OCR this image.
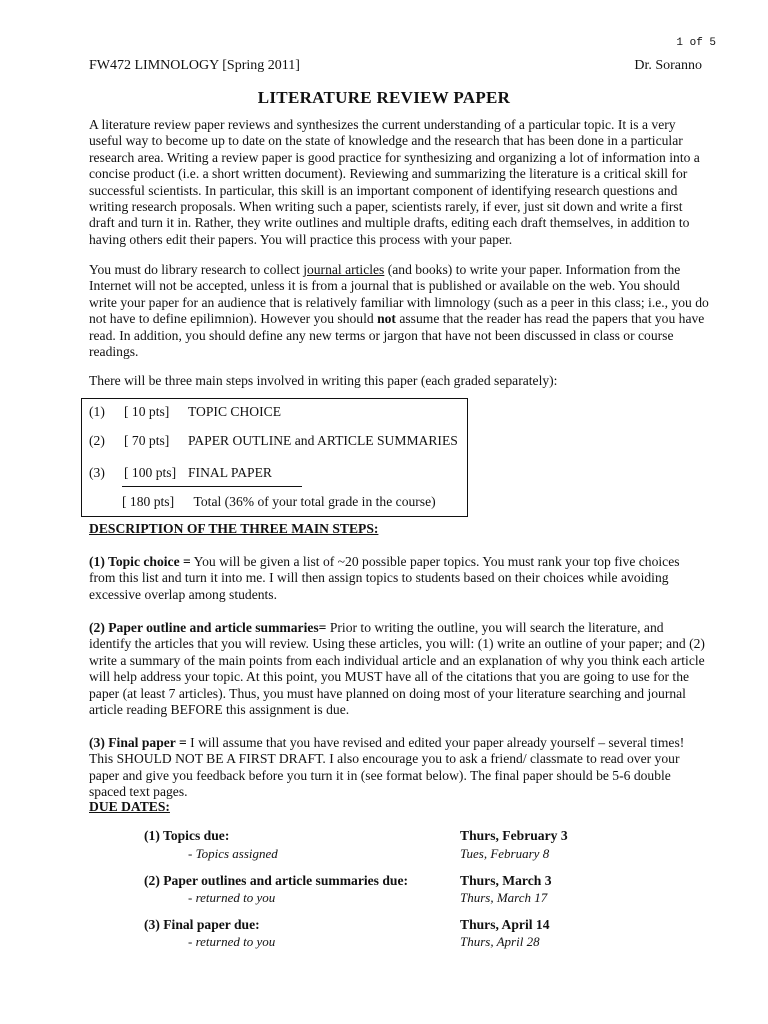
1 of 5
FW472 LIMNOLOGY [Spring 2011]	Dr. Soranno
LITERATURE REVIEW PAPER

A literature review paper reviews and synthesizes the current understanding of a particular topic. It is a very useful way to become up to date on the state of knowledge and the research that has been done in a particular research area. Writing a review paper is good practice for synthesizing and organizing a lot of information into a concise product (i.e. a short written document). Reviewing and summarizing the literature is a critical skill for successful scientists. In particular, this skill is an important component of identifying research questions and writing research proposals. When writing such a paper, scientists rarely, if ever, just sit down and write a first draft and turn it in. Rather, they write outlines and multiple drafts, editing each draft themselves, in addition to having others edit their papers. You will practice this process with your paper.

You must do library research to collect journal articles (and books) to write your paper. Information from the Internet will not be accepted, unless it is from a journal that is published or available on the web. You should write your paper for an audience that is relatively familiar with limnology (such as a peer in this class; i.e., you do not have to define epilimnion). However you should not assume that the reader has read the papers that you have read. In addition, you should define any new terms or jargon that have not been discussed in class or course readings.

There will be three main steps involved in writing this paper (each graded separately):

(1) [ 10 pts] TOPIC CHOICE
(2) [ 70 pts] PAPER OUTLINE and ARTICLE SUMMARIES
(3) [ 100 pts] FINAL PAPER
[ 180 pts] Total (36% of your total grade in the course)
DESCRIPTION OF THE THREE MAIN STEPS:

(1) Topic choice = You will be given a list of ~20 possible paper topics. You must rank your top five choices from this list and turn it into me. I will then assign topics to students based on their choices while avoiding excessive overlap among students.

(2) Paper outline and article summaries= Prior to writing the outline, you will search the literature, and identify the articles that you will review. Using these articles, you will: (1) write an outline of your paper; and (2) write a summary of the main points from each individual article and an explanation of why you think each article will help address your topic. At this point, you MUST have all of the citations that you are going to use for the paper (at least 7 articles). Thus, you must have planned on doing most of your literature searching and journal article reading BEFORE this assignment is due.

(3) Final paper = I will assume that you have revised and edited your paper already yourself – several times! This SHOULD NOT BE A FIRST DRAFT. I also encourage you to ask a friend/ classmate to read over your paper and give you feedback before you turn it in (see format below). The final paper should be 5-6 double spaced text pages.

DUE DATES:
(1) Topics due:	Thurs, February 3
- Topics assigned	Tues, February 8
(2) Paper outlines and article summaries due:	Thurs, March 3
- returned to you	Thurs, March 17
(3) Final paper due:	Thurs, April 14
- returned to you	Thurs, April 28
